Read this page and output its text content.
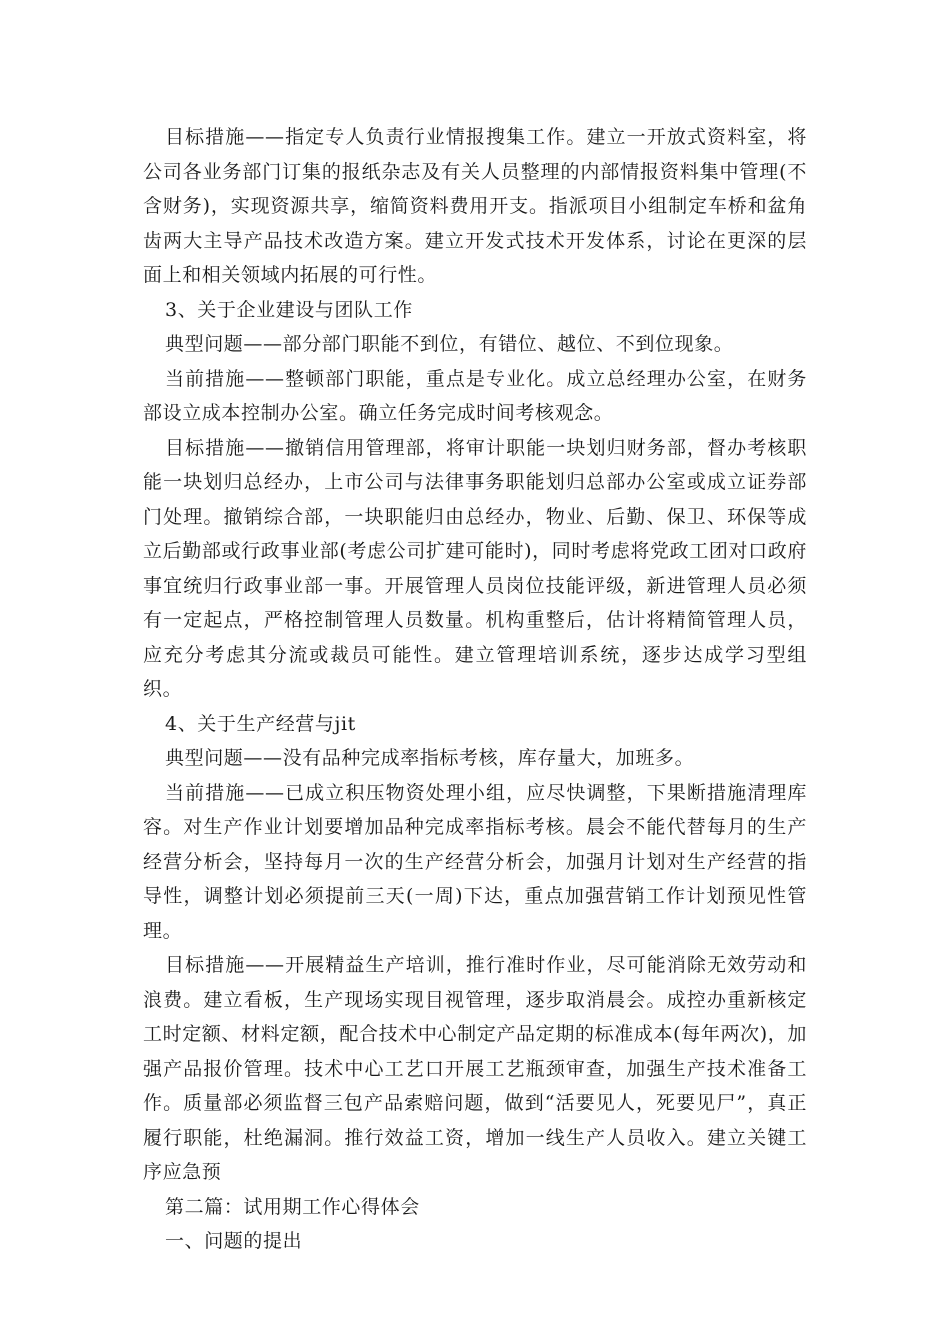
目标措施——指定专人负责行业情报搜集工作。建立一开放式资料室，将公司各业务部门订集的报纸杂志及有关人员整理的内部情报资料集中管理(不含财务)，实现资源共享，缩简资料费用开支。指派项目小组制定车桥和盆角齿两大主导产品技术改造方案。建立开发式技术开发体系，讨论在更深的层面上和相关领域内拓展的可行性。

3、关于企业建设与团队工作

典型问题——部分部门职能不到位，有错位、越位、不到位现象。

当前措施——整顿部门职能，重点是专业化。成立总经理办公室，在财务部设立成本控制办公室。确立任务完成时间考核观念。

目标措施——撤销信用管理部，将审计职能一块划归财务部，督办考核职能一块划归总经办，上市公司与法律事务职能划归总部办公室或成立证券部门处理。撤销综合部，一块职能归由总经办，物业、后勤、保卫、环保等成立后勤部或行政事业部(考虑公司扩建可能时)，同时考虑将党政工团对口政府事宜统归行政事业部一事。开展管理人员岗位技能评级，新进管理人员必须有一定起点，严格控制管理人员数量。机构重整后，估计将精简管理人员，应充分考虑其分流或裁员可能性。建立管理培训系统，逐步达成学习型组织。

4、关于生产经营与jit

典型问题——没有品种完成率指标考核，库存量大，加班多。

当前措施——已成立积压物资处理小组，应尽快调整，下果断措施清理库容。对生产作业计划要增加品种完成率指标考核。晨会不能代替每月的生产经营分析会，坚持每月一次的生产经营分析会，加强月计划对生产经营的指导性，调整计划必须提前三天(一周)下达，重点加强营销工作计划预见性管理。

目标措施——开展精益生产培训，推行准时作业，尽可能消除无效劳动和浪费。建立看板，生产现场实现目视管理，逐步取消晨会。成控办重新核定工时定额、材料定额，配合技术中心制定产品定期的标准成本(每年两次)，加强产品报价管理。技术中心工艺口开展工艺瓶颈审查，加强生产技术准备工作。质量部必须监督三包产品索赔问题，做到“活要见人，死要见尸”，真正履行职能，杜绝漏洞。推行效益工资，增加一线生产人员收入。建立关键工序应急预

第二篇：试用期工作心得体会

一、问题的提出
